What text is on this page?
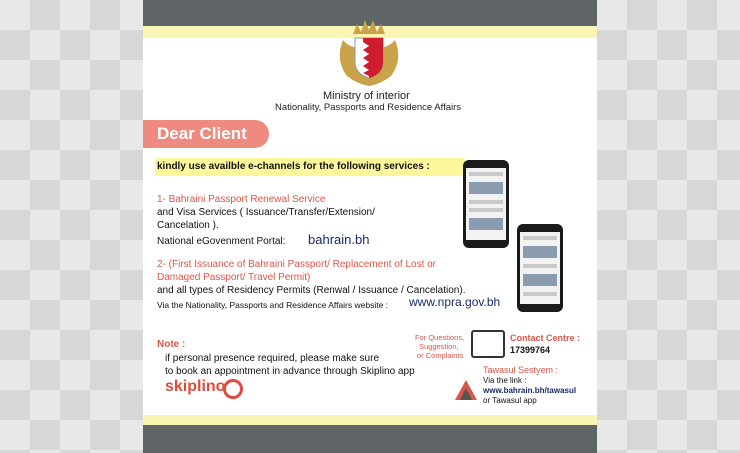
Ministry of interior
Nationality, Passports and Residence Affairs
Dear Client
kindly use availble e-channels for the following services :
1- Bahraini Passport Renewal Service
and Visa Services ( Issuance/Transfer/Extension/
Cancelation ).
National eGovenment Portal: bahrain.bh
2- (First Issuance of Bahraini Passport/ Replacement of Lost or
Damaged Passport/ Travel Permit)
and all types of Residency Permits (Renwal / Issuance / Cancelation).
Via the Nationality, Passports and Residence Affairs website : www.npra.gov.bh
Note :
if personal presence required, please make sure
to book an appointment in advance through Skiplino app
skiplino
For Questions,
Suggestion,
or Complaints
Contact Centre :
17399764
Tawasul Sestyem :
Via the link :
www.bahrain.bh/tawasul
or Tawasul app
